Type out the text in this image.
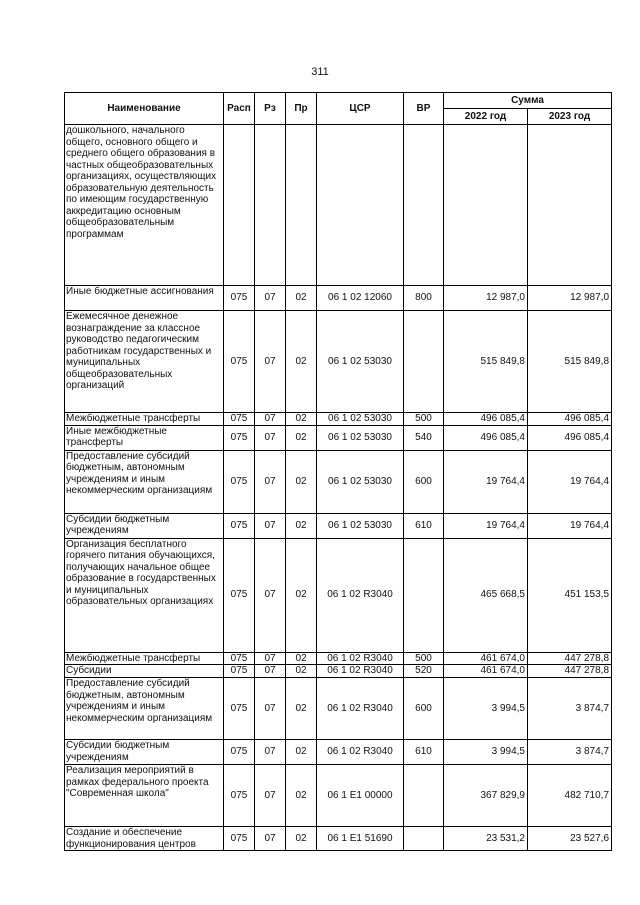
311
Наименование	Расп	Рз	Пр	ЦСР	ВР	Сумма	
						2022 год	2023 год
дошкольного, начального общего, основного общего и среднего общего образования в частных общеобразовательных организациях, осуществляющих образовательную деятельность по имеющим государственную аккредитацию основным общеобразовательным программам							
Иные бюджетные ассигнования	075	07	02	06 1 02 12060	800	12 987,0	12 987,0
Ежемесячное денежное вознаграждение за классное руководство педагогическим работникам государственных и муниципальных общеобразовательных организаций	075	07	02	06 1 02 53030		515 849,8	515 849,8
Межбюджетные трансферты	075	07	02	06 1 02 53030	500	496 085,4	496 085,4
Иные межбюджетные трансферты	075	07	02	06 1 02 53030	540	496 085,4	496 085,4
Предоставление субсидий бюджетным, автономным учреждениям и иным некоммерческим организациям	075	07	02	06 1 02 53030	600	19 764,4	19 764,4
Субсидии бюджетным учреждениям	075	07	02	06 1 02 53030	610	19 764,4	19 764,4
Организация бесплатного горячего питания обучающихся, получающих начальное общее образование в государственных и муниципальных образовательных организациях	075	07	02	06 1 02 R3040		465 668,5	451 153,5
Межбюджетные трансферты	075	07	02	06 1 02 R3040	500	461 674,0	447 278,8
Субсидии	075	07	02	06 1 02 R3040	520	461 674,0	447 278,8
Предоставление субсидий бюджетным, автономным учреждениям и иным некоммерческим организациям	075	07	02	06 1 02 R3040	600	3 994,5	3 874,7
Субсидии бюджетным учреждениям	075	07	02	06 1 02 R3040	610	3 994,5	3 874,7
Реализация мероприятий в рамках федерального проекта "Современная школа"	075	07	02	06 1 E1 00000		367 829,9	482 710,7
Создание и обеспечение функционирования центров	075	07	02	06 1 E1 51690		23 531,2	23 527,6
